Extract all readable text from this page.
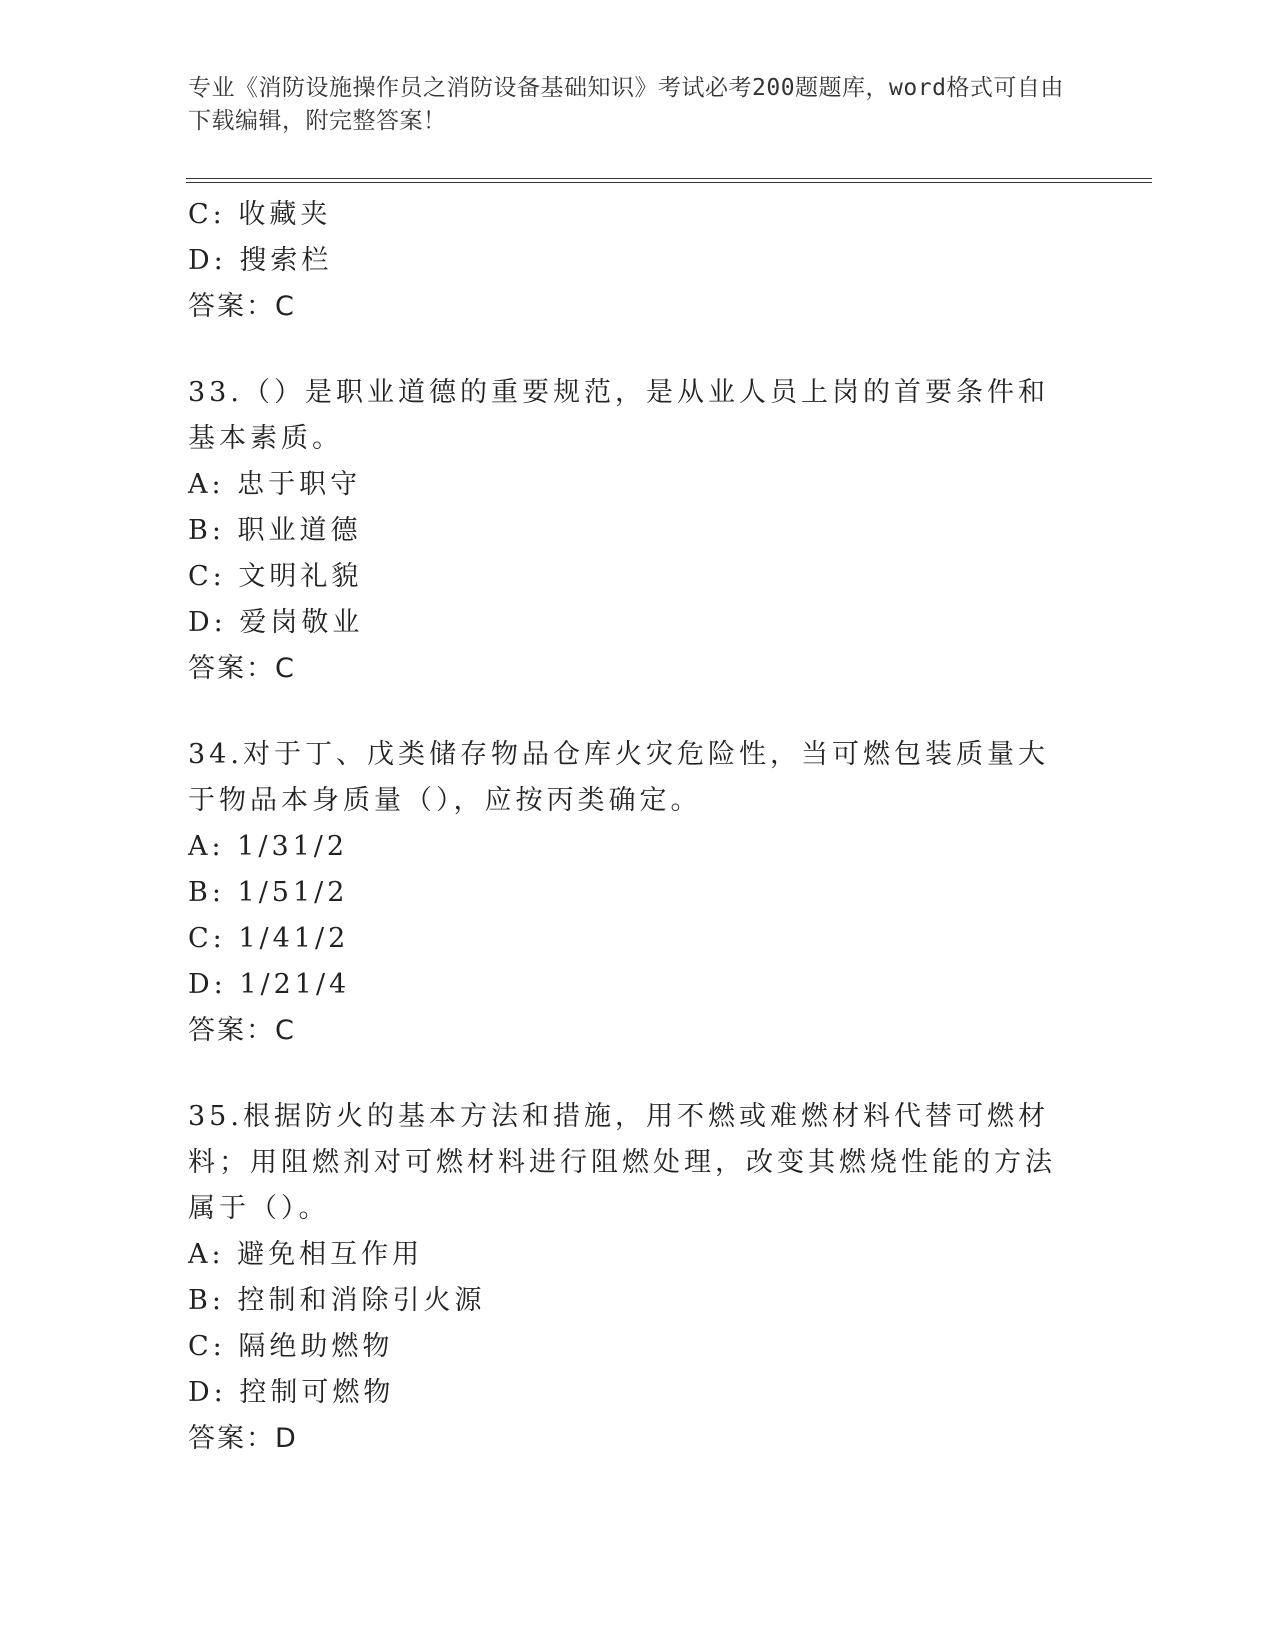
专业《消防设施操作员之消防设备基础知识》考试必考200题题库，word格式可自由下载编辑，附完整答案！
C: 收藏夹
D: 搜索栏
答案：C
33.（）是职业道德的重要规范，是从业人员上岗的首要条件和基本素质。
A: 忠于职守
B: 职业道德
C: 文明礼貌
D: 爱岗敬业
答案：C
34.对于丁、戊类储存物品仓库火灾危险性，当可燃包装质量大于物品本身质量（），应按丙类确定。
A: 1/31/2
B: 1/51/2
C: 1/41/2
D: 1/21/4
答案：C
35.根据防火的基本方法和措施，用不燃或难燃材料代替可燃材料；用阻燃剂对可燃材料进行阻燃处理，改变其燃烧性能的方法属于（）。
A: 避免相互作用
B: 控制和消除引火源
C: 隔绝助燃物
D: 控制可燃物
答案：D
